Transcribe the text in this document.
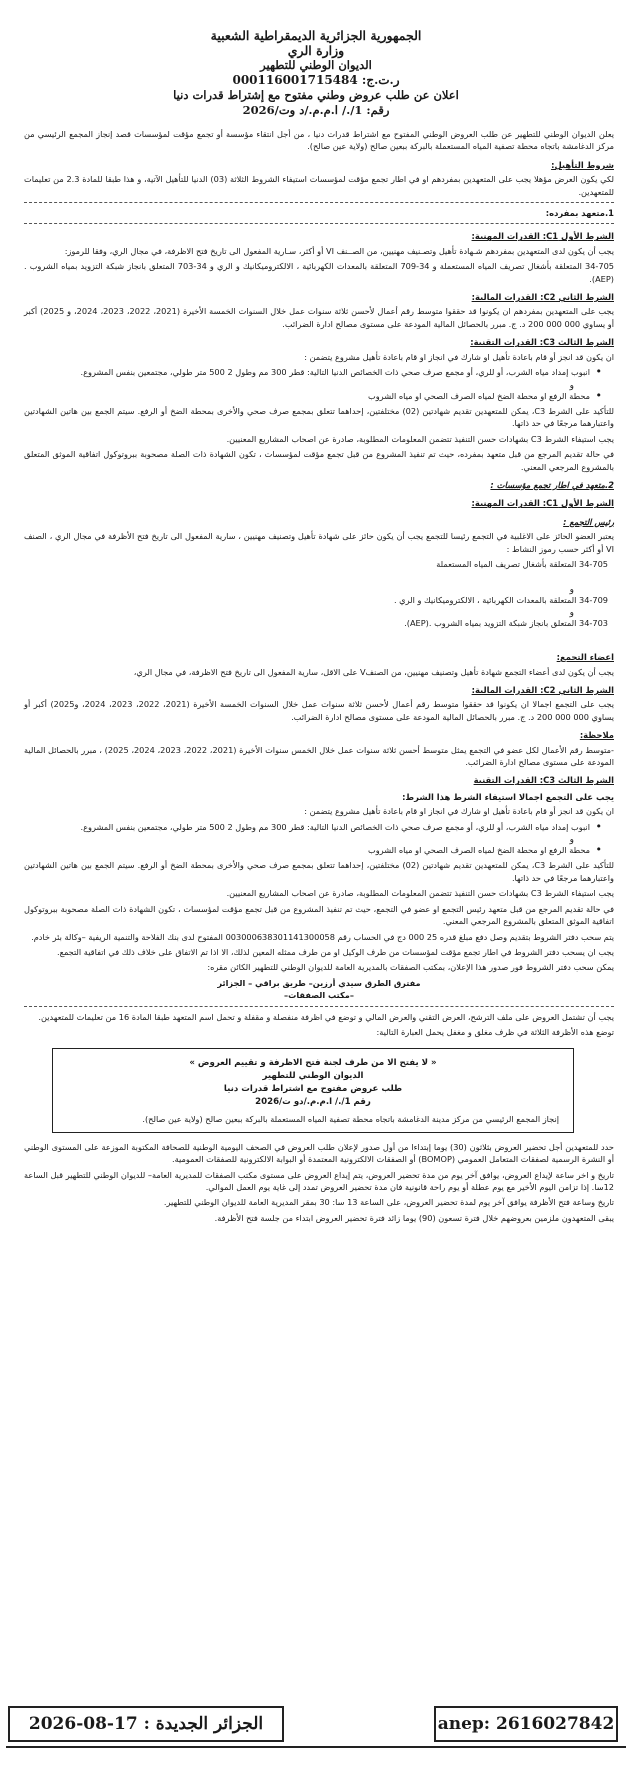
الجمهورية الجزائرية الديمقراطية الشعبية
وزارة الري
الديوان الوطني للتطهير
ر.ت.ج: 000116001715484
اعلان عن طلب عروض وطني مفتوح مع إشتراط قدرات دنيا
رقم: 1/./ ا.م.م./د وت/2026

يعلن الديوان الوطني للتطهير عن طلب العروض الوطني المفتوح مع اشتراط قدرات دنيا ، من أجل انتقاء مؤسسة أو تجمع مؤقت لمؤسسات قصد إنجاز المجمع الرئيسي من مركز الدغامشة باتجاه محطة تصفية المياه المستعملة بالبركة ببعين صالح (ولاية عين صالح).

شروط التأهيل:

لكي يكون العرض مؤهلا يجب على المتعهدين بمفردهم او في اطار تجمع مؤقت لمؤسسات استيفاء الشروط الثلاثة (03) الدنيا للتأهيل الآتية، و هذا طبقا للمادة 2.3 من تعليمات للمتعهدين.

1.متعهد بمفرده:
الشرط الأول C1: القدرات المهنية:

يجب أن يكون لدى المتعهدين بمفردهم شـهادة تأهيل وتصـنيف مهنيين، من الصــنف VI أو أكثر، سـارية المفعول الى تاريخ فتح الاظرفة، في مجال الري، وفقا للرموز:

34-705 المتعلقة بأشغال تصريف المياه المستعملة و 34-709 المتعلقة بالمعدات الكهربائية ، الالكتروميكانيك و الري و 34-703 المتعلق بانجاز شبكة التزويد بمياه الشروب .(AEP).

الشرط الثاني C2: القدرات المالية:

يجب على المتعهدين بمفردهم ان يكونوا قد حققوا متوسط رقم أعمال لأحسن ثلاثة سنوات عمل خلال السنوات الخمسة الأخيرة (2021، 2022، 2023، 2024، و 2025) أكبر أو يساوي 000 000 200 د. ج. مبرر بالحصائل المالية المودعة على مستوى مصالح ادارة الضرائب.

الشرط الثالث C3: القدرات التقنية:

ان يكون قد انجز أو قام باعادة تأهيل او شارك في انجاز او قام باعادة تأهيل مشروع يتضمن :

• انبوب إمداد مياه الشرب، أو للري، أو مجمع صرف صحي ذات الخصائص الدنيا التالية: قطر 300 مم وطول 2 500 متر طولي، مجتمعين بنفس المشروع.

و

• محطة الرفع او محطة الضخ لمياه الصرف الصحي او مياه الشروب

للتأكيد على الشرط C3، يمكن للمتعهدين تقديم شهادتين (02) مختلفتين، إحداهما تتعلق بمجمع صرف صحي والأخرى بمحطة الضخ أو الرفع. سيتم الجمع بين هاتين الشهادتين واعتبارهما مرجعًا في حد ذاتها.

يجب استيفاء الشرط C3 بشهادات حسن التنفيذ تتضمن المعلومات المطلوبة، صادرة عن اصحاب المشاريع المعنيين.

في حالة تقديم المرجع من قبل متعهد بمفرده، حيث تم تنفيذ المشروع من قبل تجمع مؤقت لمؤسسات ، تكون الشهادة ذات الصلة مصحوبة ببروتوكول اتفاقية الموثق المتعلق بالمشروع المرجعي المعني.

2.متعهد في اطار تجمع مؤسسات :
الشرط الأول C1: القدرات المهنية:
رئيس التجمع :

يعتبر العضو الحائز على الاغلبية في التجمع رئيسا للتجمع يجب أن يكون حائز على شهادة تأهيل وتصنيف مهنيين ، سارية المفعول الى تاريخ فتح الأظرفة في مجال الري ، الصنف VI أو أكثر حسب رموز النشاط :

34-705 المتعلقة بأشغال تصريف المياه المستعملة

و

34-709 المتعلقة بالمعدات الكهربائية ، الالكتروميكانيك و الري .

و

34-703 المتعلق بانجاز شبكة التزويد بمياه الشروب .(AEP).

اعضاء التجمع:

يجب أن يكون لدى أعضاء التجمع شهادة تأهيل وتصنيف مهنيين، من الصنفV على الاقل، سارية المفعول الى تاريخ فتح الاظرفة، في مجال الري،

الشرط الثاني C2: القدرات المالية:

يجب على التجمع اجمالا ان يكونوا قد حققوا متوسط رقم أعمال لأحسن ثلاثة سنوات عمل خلال السنوات الخمسة الأخيرة (2021، 2022، 2023، 2024، و2025) أكبر أو يساوي 000 000 200 د. ج. مبرر بالحصائل المالية المودعة على مستوى مصالح ادارة الضرائب.

ملاحظة:

-متوسط رقم الأعمال لكل عضو في التجمع يمثل متوسط أحسن ثلاثة سنوات عمل خلال الخمس سنوات الأخيرة (2021، 2022، 2023، 2024، 2025) ، مبرر بالحصائل المالية المودعة على مستوى مصالح ادارة الضرائب.

الشرط الثالث C3: القدرات التقنية
يجب على التجمع اجمالا استيفاء الشرط هذا الشرط:

ان يكون قد انجز أو قام باعادة تأهيل او شارك في انجاز او قام باعادة تأهيل مشروع يتضمن :

• انبوب إمداد مياه الشرب، أو للري، أو مجمع صرف صحي ذات الخصائص الدنيا التالية: قطر 300 مم وطول 2 500 متر طولي، مجتمعين بنفس المشروع.

و

• محطة الرفع او محطة الضخ لمياه الصرف الصحي او مياه الشروب

للتأكيد على الشرط C3، يمكن للمتعهدين تقديم شهادتين (02) مختلفتين، إحداهما تتعلق بمجمع صرف صحي والأخرى بمحطة الضخ أو الرفع. سيتم الجمع بين هاتين الشهادتين واعتبارهما مرجعًا في حد ذاتها.

يجب استيفاء الشرط C3 بشهادات حسن التنفيذ تتضمن المعلومات المطلوبة، صادرة عن اصحاب المشاريع المعنيين.

في حالة تقديم المرجع من قبل متعهد رئيس التجمع او عضو في التجمع، حيث تم تنفيذ المشروع من قبل تجمع مؤقت لمؤسسات ، تكون الشهادة ذات الصلة مصحوبة ببروتوكول اتفاقية الموثق المتعلق بالمشروع المرجعي المعني.

يتم سحب دفتر الشروط بتقديم وصل دفع مبلغ قدره 25 000 دج في الحساب رقم 00300063830114130005​8 المفتوح لدى بنك الفلاحة والتنمية الريفية –وكالة بئر خادم.

يجب ان يسحب دفتر الشروط في اطار تجمع مؤقت لمؤسسات من طرف الوكيل او من طرف ممثله المعين لذلك، الا اذا تم الاتفاق على خلاف ذلك في اتفاقية التجمع.

يمكن سحب دفتر الشروط فور صدور هذا الإعلان، بمكتب الصفقات بالمديرية العامة للديوان الوطني للتطهير الكائن مقره:

مفترق الطرق سيدي أرزين– طريق براقي – الجزائر
–مكتب الصفقات–

يجب أن تشتمل العروض على ملف الترشح، العرض التقني والعرض المالي و توضع في اظرفة منفصلة و مقفلة و تحمل اسم المتعهد طبقا المادة 16 من تعليمات للمتعهدين.

توضع هذه الأظرفة الثلاثة في ظرف مغلق و مغفل يحمل العبارة التالية:

« لا يفتح الا من طرف لجنة فتح الاظرفة و تقييم العروض »
الديوان الوطني للتطهير
طلب عروض مفتوح مع اشتراط قدرات دنيا
رقم 1/./ ا.م.م./دو ت/2026
إنجاز المجمع الرئيسي من مركز مدينة الدغامشة باتجاه محطة تصفية المياه المستعملة بالبركة ببعين صالح (ولاية عين صالح).

حدد للمتعهدين أجل تحضير العروض بثلاثون (30) يوما إبتداءا من أول صدور لإعلان طلب العروض في الصحف اليومية الوطنية للصحافة المكتوبة الموزعة على المستوى الوطني أو النشرة الرسمية لصفقات المتعامل العمومي (BOMOP) أو الصفقات الالكترونية المعتمدة أو البوابة الالكترونية للصفقات العمومية.

تاريخ و اخر ساعة لإيداع العروض، يوافق آخر يوم من مدة تحضير العروض، يتم إيداع العروض على مستوى مكتب الصفقات للمديرية العامة– للديوان الوطني للتطهير قبل الساعة 12سا. إذا تزامن اليوم الأخير مع يوم عطلة أو يوم راحة قانونية فان مدة تحضير العروض تمدد إلى غاية يوم العمل الموالي.

تاريخ وساعة فتح الأظرفة يوافق آخر يوم لمدة تحضير العروض، على الساعة 13 سا: 30 بمقر المديرية العامة للديوان الوطني للتطهير.

يبقى المتعهدون ملزمين بعروضهم خلال فترة تسعون (90) يوما زائد فترة تحضير العروض ابتداء من جلسة فتح الأظرفة.

anep: 2616027842
الجزائر الجديدة : 17-08-2026
